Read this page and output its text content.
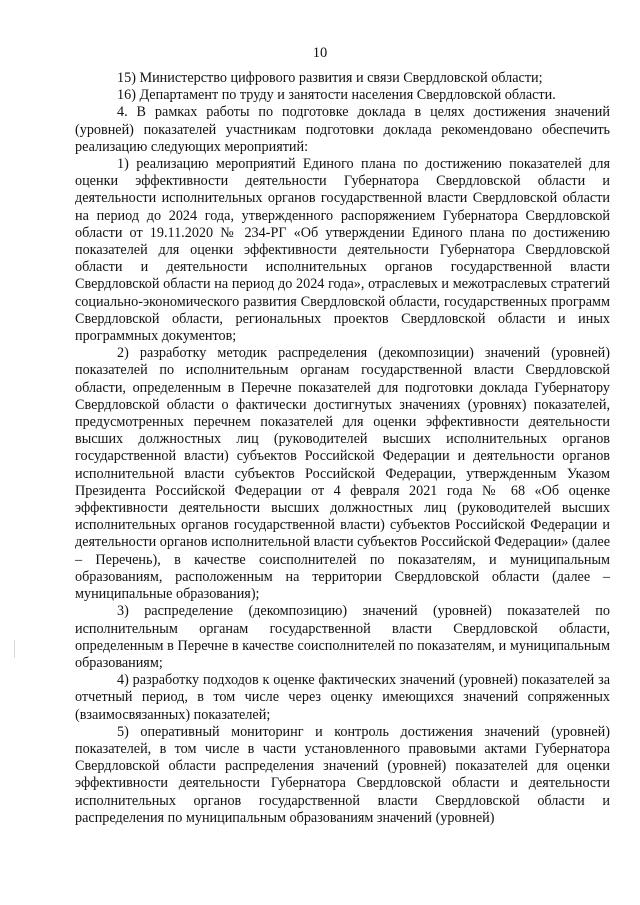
10

15) Министерство цифрового развития и связи Свердловской области;

16) Департамент по труду и занятости населения Свердловской области.

4. В рамках работы по подготовке доклада в целях достижения значений (уровней) показателей участникам подготовки доклада рекомендовано обеспечить реализацию следующих мероприятий:

1) реализацию мероприятий Единого плана по достижению показателей для оценки эффективности деятельности Губернатора Свердловской области и деятельности исполнительных органов государственной власти Свердловской области на период до 2024 года, утвержденного распоряжением Губернатора Свердловской области от 19.11.2020 № 234-РГ «Об утверждении Единого плана по достижению показателей для оценки эффективности деятельности Губернатора Свердловской области и деятельности исполнительных органов государственной власти Свердловской области на период до 2024 года», отраслевых и межотраслевых стратегий социально-экономического развития Свердловской области, государственных программ Свердловской области, региональных проектов Свердловской области и иных программных документов;

2) разработку методик распределения (декомпозиции) значений (уровней) показателей по исполнительным органам государственной власти Свердловской области, определенным в Перечне показателей для подготовки доклада Губернатору Свердловской области о фактически достигнутых значениях (уровнях) показателей, предусмотренных перечнем показателей для оценки эффективности деятельности высших должностных лиц (руководителей высших исполнительных органов государственной власти) субъектов Российской Федерации и деятельности органов исполнительной власти субъектов Российской Федерации, утвержденным Указом Президента Российской Федерации от 4 февраля 2021 года № 68 «Об оценке эффективности деятельности высших должностных лиц (руководителей высших исполнительных органов государственной власти) субъектов Российской Федерации и деятельности органов исполнительной власти субъектов Российской Федерации» (далее – Перечень), в качестве соисполнителей по показателям, и муниципальным образованиям, расположенным на территории Свердловской области (далее – муниципальные образования);

3) распределение (декомпозицию) значений (уровней) показателей по исполнительным органам государственной власти Свердловской области, определенным в Перечне в качестве соисполнителей по показателям, и муниципальным образованиям;

4) разработку подходов к оценке фактических значений (уровней) показателей за отчетный период, в том числе через оценку имеющихся значений сопряженных (взаимосвязанных) показателей;

5) оперативный мониторинг и контроль достижения значений (уровней) показателей, в том числе в части установленного правовыми актами Губернатора Свердловской области распределения значений (уровней) показателей для оценки эффективности деятельности Губернатора Свердловской области и деятельности исполнительных органов государственной власти Свердловской области и распределения по муниципальным образованиям значений (уровней)
